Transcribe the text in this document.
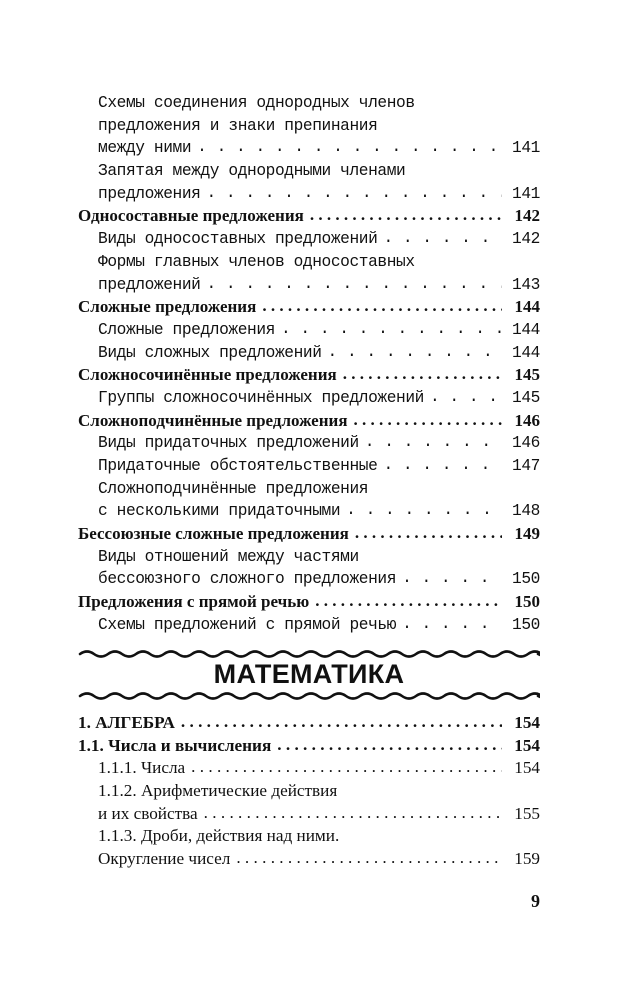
Схемы соединения однородных членов
предложения и знаки препинания
между ними . . .	141
Запятая между однородными членами
предложения . . .	141
Односоставные предложения . . .	142
Виды односоставных предложений . . .	142
Формы главных членов односоставных
предложений . . .	143
Сложные предложения . . .	144
Сложные предложения . . .	144
Виды сложных предложений . . .	144
Сложносочинённые предложения . . .	145
Группы сложносочинённых предложений . . .	145
Сложноподчинённые предложения . . .	146
Виды придаточных предложений . . .	146
Придаточные обстоятельственные . . .	147
Сложноподчинённые предложения
с несколькими придаточными . . .	148
Бессоюзные сложные предложения . . .	149
Виды отношений между частями
бессоюзного сложного предложения . . .	150
Предложения с прямой речью . . .	150
Схемы предложений с прямой речью . . .	150
МАТЕМАТИКА
1. АЛГЕБРА . . .	154
1.1. Числа и вычисления . . .	154
1.1.1. Числа . . .	154
1.1.2. Арифметические действия
и их свойства . . .	155
1.1.3. Дроби, действия над ними.
Округление чисел . . .	159
9
